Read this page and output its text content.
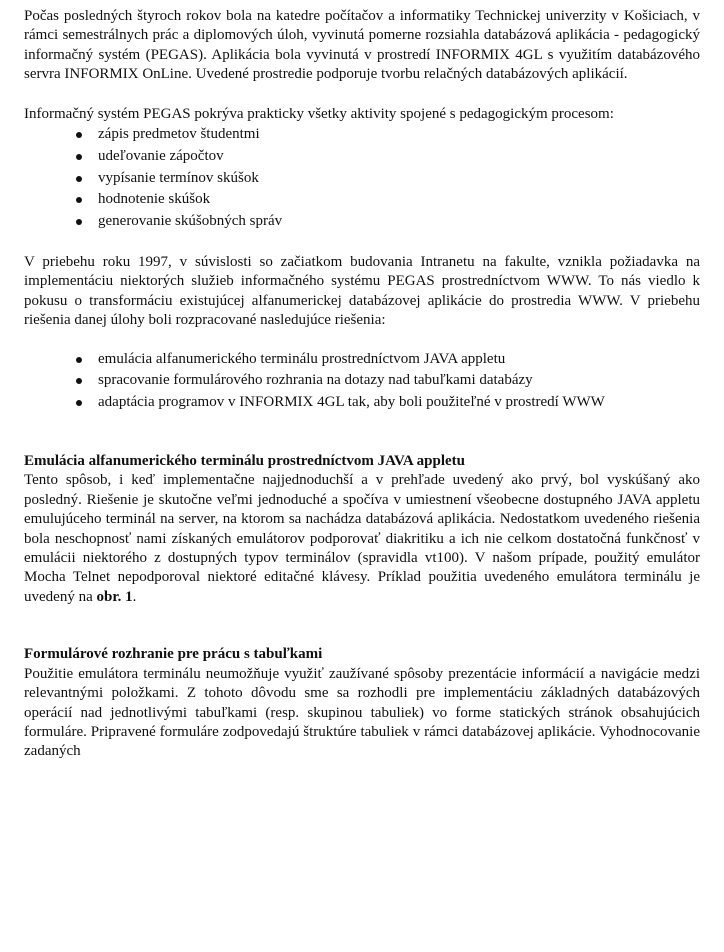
Počas posledných štyroch rokov bola na katedre počítačov a informatiky Technickej univerzity v Košiciach, v rámci semestrálnych prác a diplomových úloh, vyvinutá pomerne rozsiahla databázová aplikácia - pedagogický informačný systém (PEGAS). Aplikácia bola vyvinutá v prostredí INFORMIX 4GL s využitím databázového servra INFORMIX OnLine. Uvedené prostredie podporuje tvorbu relačných databázových aplikácií.

Informačný systém PEGAS pokrýva prakticky všetky aktivity spojené s pedagogickým procesom:

zápis predmetov študentmi
udeľovanie zápočtov
vypísanie termínov skúšok
hodnotenie skúšok
generovanie skúšobných správ

V priebehu roku 1997, v súvislosti so začiatkom budovania Intranetu na fakulte, vznikla požiadavka na implementáciu niektorých služieb informačného systému PEGAS prostredníctvom WWW. To nás viedlo k pokusu o transformáciu existujúcej alfanumerickej databázovej aplikácie do prostredia WWW. V priebehu riešenia danej úlohy boli rozpracované nasledujúce riešenia:

emulácia alfanumerického terminálu prostredníctvom JAVA appletu
spracovanie formulárového rozhrania na dotazy nad tabuľkami databázy
adaptácia programov v INFORMIX 4GL tak, aby boli použiteľné v prostredí WWW

Emulácia alfanumerického terminálu prostredníctvom JAVA appletu

Tento spôsob, i keď implementačne najjednoduchší a v prehľade uvedený ako prvý, bol vyskúšaný ako posledný. Riešenie je skutočne veľmi jednoduché a spočíva v umiestnení všeobecne dostupného JAVA appletu emulujúceho terminál na server, na ktorom sa nachádza databázová aplikácia. Nedostatkom uvedeného riešenia bola neschopnosť nami získaných emulátorov podporovať diakritiku a ich nie celkom dostatočná funkčnosť v emulácii niektorého z dostupných typov terminálov (spravidla vt100). V našom prípade, použitý emulátor Mocha Telnet nepodporoval niektoré editačné klávesy. Príklad použitia uvedeného emulátora terminálu je uvedený na obr. 1.

Formulárové rozhranie pre prácu s tabuľkami

Použitie emulátora terminálu neumožňuje využiť zaužívané spôsoby prezentácie informácií a navigácie medzi relevantnými položkami. Z tohoto dôvodu sme sa rozhodli pre implementáciu základných databázových operácií nad jednotlivými tabuľkami (resp. skupinou tabuliek) vo forme statických stránok obsahujúcich formuláre. Pripravené formuláre zodpovedajú štruktúre tabuliek v rámci databázovej aplikácie. Vyhodnocovanie zadaných
